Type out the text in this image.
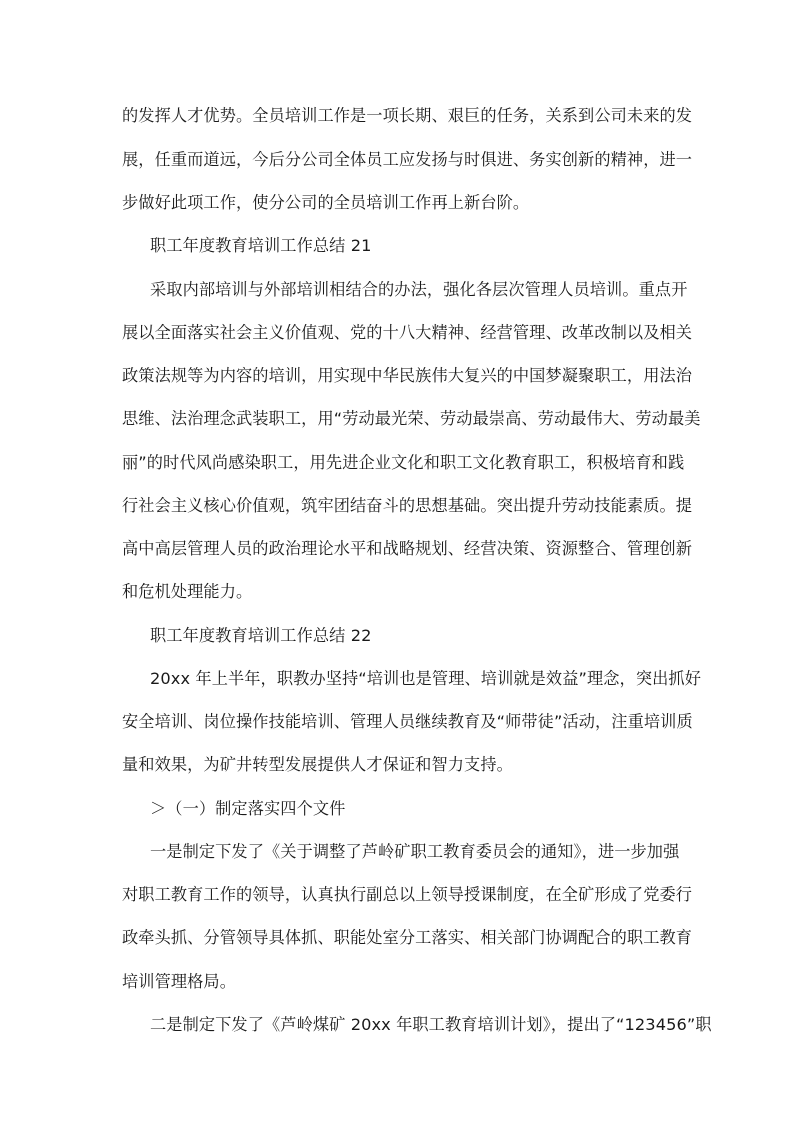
的发挥人才优势。全员培训工作是一项长期、艰巨的任务，关系到公司未来的发
展，任重而道远，今后分公司全体员工应发扬与时俱进、务实创新的精神，进一
步做好此项工作，使分公司的全员培训工作再上新台阶。
职工年度教育培训工作总结 21
采取内部培训与外部培训相结合的办法，强化各层次管理人员培训。重点开
展以全面落实社会主义价值观、党的十八大精神、经营管理、改革改制以及相关
政策法规等为内容的培训，用实现中华民族伟大复兴的中国梦凝聚职工，用法治
思维、法治理念武装职工，用“劳动最光荣、劳动最崇高、劳动最伟大、劳动最美
丽”的时代风尚感染职工，用先进企业文化和职工文化教育职工，积极培育和践
行社会主义核心价值观，筑牢团结奋斗的思想基础。突出提升劳动技能素质。提
高中高层管理人员的政治理论水平和战略规划、经营决策、资源整合、管理创新
和危机处理能力。
职工年度教育培训工作总结 22
20xx 年上半年，职教办坚持“培训也是管理、培训就是效益”理念，突出抓好
安全培训、岗位操作技能培训、管理人员继续教育及“师带徒”活动，注重培训质
量和效果，为矿井转型发展提供人才保证和智力支持。
＞（一）制定落实四个文件
一是制定下发了《关于调整了芦岭矿职工教育委员会的通知》，进一步加强
对职工教育工作的领导，认真执行副总以上领导授课制度，在全矿形成了党委行
政牵头抓、分管领导具体抓、职能处室分工落实、相关部门协调配合的职工教育
培训管理格局。
二是制定下发了《芦岭煤矿 20xx 年职工教育培训计划》，提出了“123456”职
